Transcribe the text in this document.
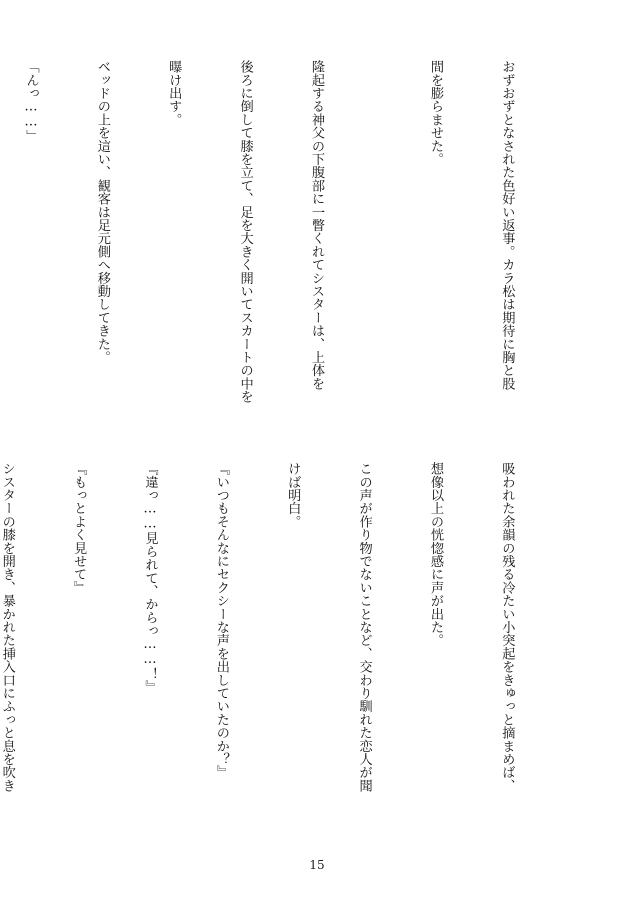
おずおずとなされた色好い返事。カラ松は期待に胸と股

間を膨らませた。

隆起する神父の下腹部に一瞥くれてシスターは、上体を

後ろに倒して膝を立て、足を大きく開いてスカートの中を

曝け出す。

ベッドの上を這い、観客は足元側へ移動してきた。

「んっ……」

吸われた余韻の残る冷たい小突起をきゅっと摘まめば、

想像以上の恍惚感に声が出た。

この声が作り物でないことなど、交わり馴れた恋人が聞

けば明白。

『いつもそんなにセクシーな声を出していたのか？』

『違っ……見られて、からっ……！』

『もっとよく見せて』

シスターの膝を開き、暴かれた挿入口にふっと息を吹き

15
